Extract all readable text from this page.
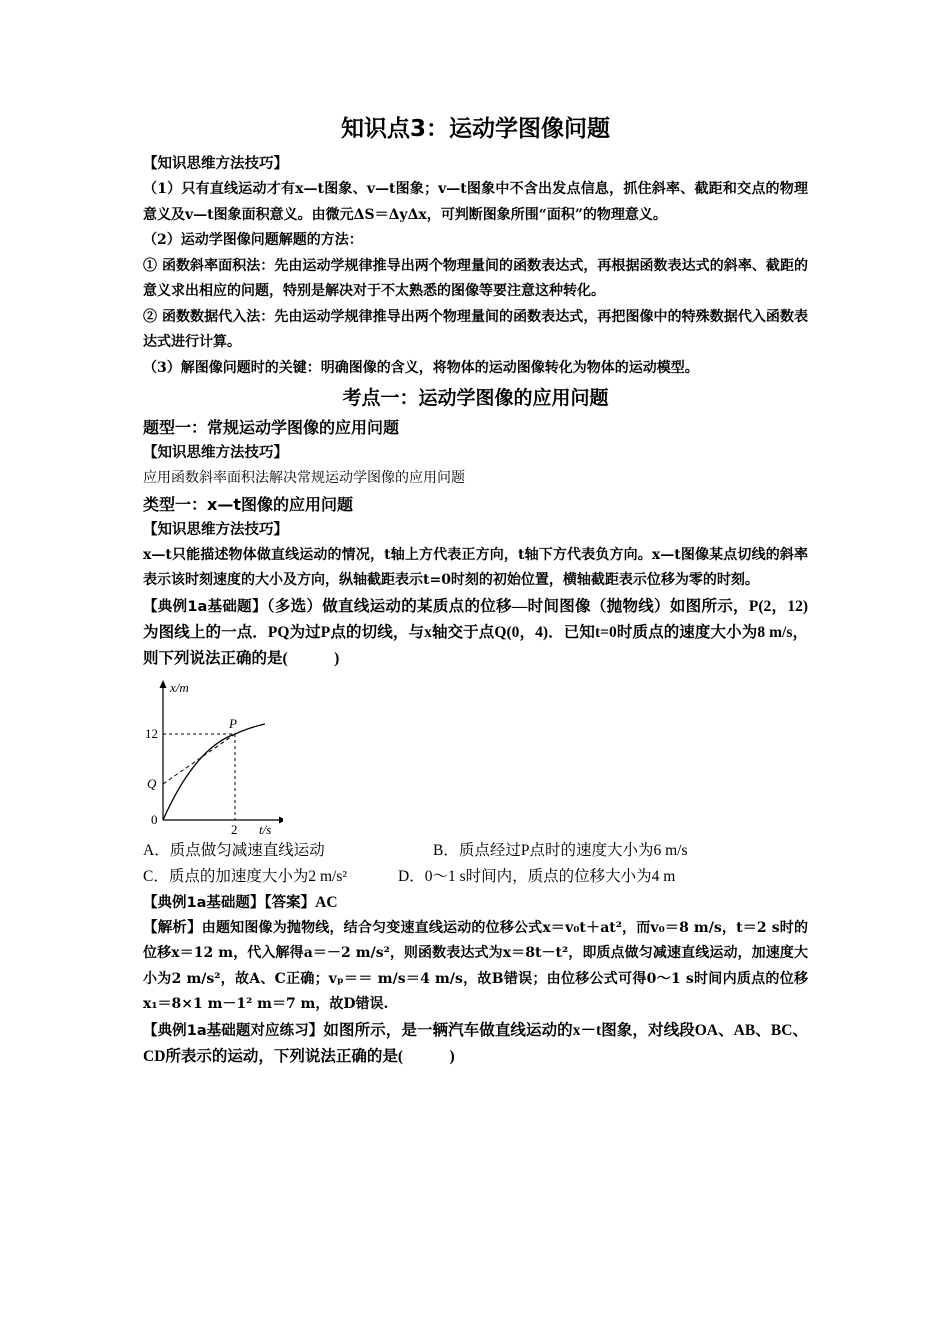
知识点3：运动学图像问题
【知识思维方法技巧】

（1）只有直线运动才有x—t图象、v—t图象；v—t图象中不含出发点信息，抓住斜率、截距和交点的物理意义及v—t图象面积意义。由微元ΔS＝ΔyΔx，可判断图象所围“面积”的物理意义。

（2）运动学图像问题解题的方法：

① 函数斜率面积法：先由运动学规律推导出两个物理量间的函数表达式，再根据函数表达式的斜率、截距的意义求出相应的问题，特别是解决对于不太熟悉的图像等要注意这种转化。

② 函数数据代入法：先由运动学规律推导出两个物理量间的函数表达式，再把图像中的特殊数据代入函数表达式进行计算。

（3）解图像问题时的关键：明确图像的含义，将物体的运动图像转化为物体的运动模型。

考点一：运动学图像的应用问题
题型一：常规运动学图像的应用问题
【知识思维方法技巧】

应用函数斜率面积法解决常规运动学图像的应用问题

类型一：x—t图像的应用问题
【知识思维方法技巧】

x—t只能描述物体做直线运动的情况，t轴上方代表正方向，t轴下方代表负方向。x—t图像某点切线的斜率表示该时刻速度的大小及方向，纵轴截距表示t=0时刻的初始位置，横轴截距表示位移为零的时刻。

【典例1a基础题】（多选）做直线运动的某质点的位移—时间图像（抛物线）如图所示，P(2，12)为图线上的一点．PQ为过P点的切线，与x轴交于点Q(0，4)．已知t=0时质点的速度大小为8 m/s，则下列说法正确的是(　　　)

x/m
t/s
12
Q
0
2
P
A．质点做匀减速直线运动	B．质点经过P点时的速度大小为6 m/s
C．质点的加速度大小为2 m/s²	D．0～1 s时间内，质点的位移大小为4 m

【典例1a基础题】【答案】AC

【解析】由题知图像为抛物线，结合匀变速直线运动的位移公式x＝v₀t＋at²，而v₀＝8 m/s，t＝2 s时的位移x＝12 m，代入解得a＝－2 m/s²，则函数表达式为x＝8t－t²，即质点做匀减速直线运动，加速度大小为2 m/s²，故A、C正确；vₚ＝＝ m/s＝4 m/s，故B错误；由位移公式可得0～1 s时间内质点的位移x₁＝8×1 m－1² m＝7 m，故D错误.

【典例1a基础题对应练习】如图所示，是一辆汽车做直线运动的x－t图象，对线段OA、AB、BC、CD所表示的运动，下列说法正确的是(　　　)
